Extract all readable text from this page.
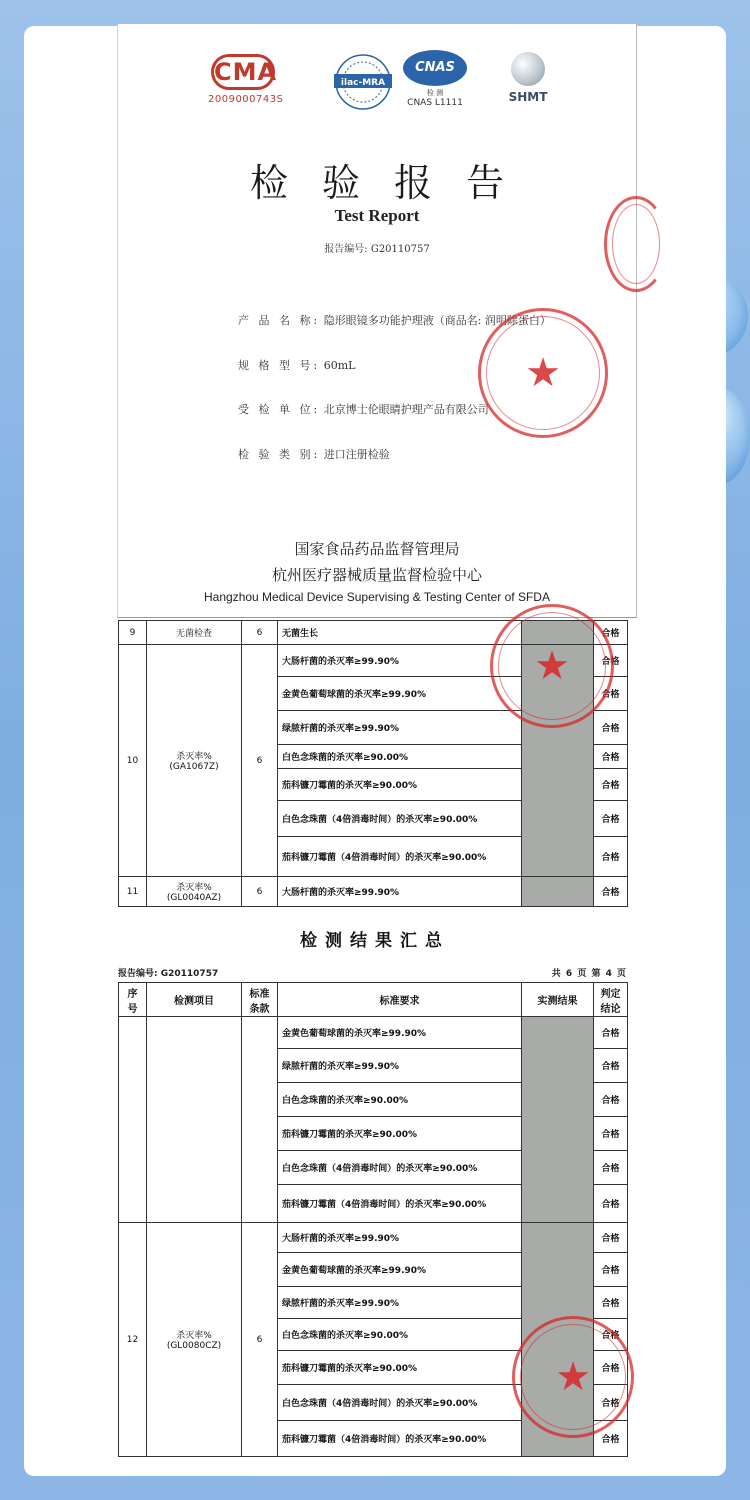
CMA
2009000743S
ilac-MRA
CNAS
检 测
CNAS L1111	SHMT
检验报告
Test Report
报告编号: G20110757
产 品 名 称: 隐形眼镜多功能护理液（商品名: 润明除蛋白）
规 格 型 号: 60mL
受 检 单 位: 北京博士伦眼睛护理产品有限公司
检 验 类 别: 进口注册检验
国家食品药品监督管理局
杭州医疗器械质量监督检验中心
Hangzhou Medical Device Supervising & Testing Center of SFDA
★
9	无菌检查	6	无菌生长		合格
10	杀灭率%
(GA1067Z)	6	大肠杆菌的杀灭率≥99.90%		合格
			金黄色葡萄球菌的杀灭率≥99.90%		合格
			绿脓杆菌的杀灭率≥99.90%		合格
			白色念珠菌的杀灭率≥90.00%		合格
			茄科镰刀霉菌的杀灭率≥90.00%		合格
			白色念珠菌（4倍消毒时间）的杀灭率≥90.00%		合格
			茄科镰刀霉菌（4倍消毒时间）的杀灭率≥90.00%		合格
11	杀灭率%
(GL0040AZ)	6	大肠杆菌的杀灭率≥99.90%		合格
★
检测结果汇总
报告编号: G20110757	共 6 页 第 4 页
序号	检测项目	标准条款	标准要求	实测结果	判定结论
			金黄色葡萄球菌的杀灭率≥99.90%		合格
			绿脓杆菌的杀灭率≥99.90%		合格
			白色念珠菌的杀灭率≥90.00%		合格
			茄科镰刀霉菌的杀灭率≥90.00%		合格
			白色念珠菌（4倍消毒时间）的杀灭率≥90.00%		合格
			茄科镰刀霉菌（4倍消毒时间）的杀灭率≥90.00%		合格
12	杀灭率%
(GL0080CZ)	6	大肠杆菌的杀灭率≥99.90%		合格
			金黄色葡萄球菌的杀灭率≥99.90%		合格
			绿脓杆菌的杀灭率≥99.90%		合格
			白色念珠菌的杀灭率≥90.00%		合格
			茄科镰刀霉菌的杀灭率≥90.00%		合格
			白色念珠菌（4倍消毒时间）的杀灭率≥90.00%		合格
			茄科镰刀霉菌（4倍消毒时间）的杀灭率≥90.00%		合格
★
